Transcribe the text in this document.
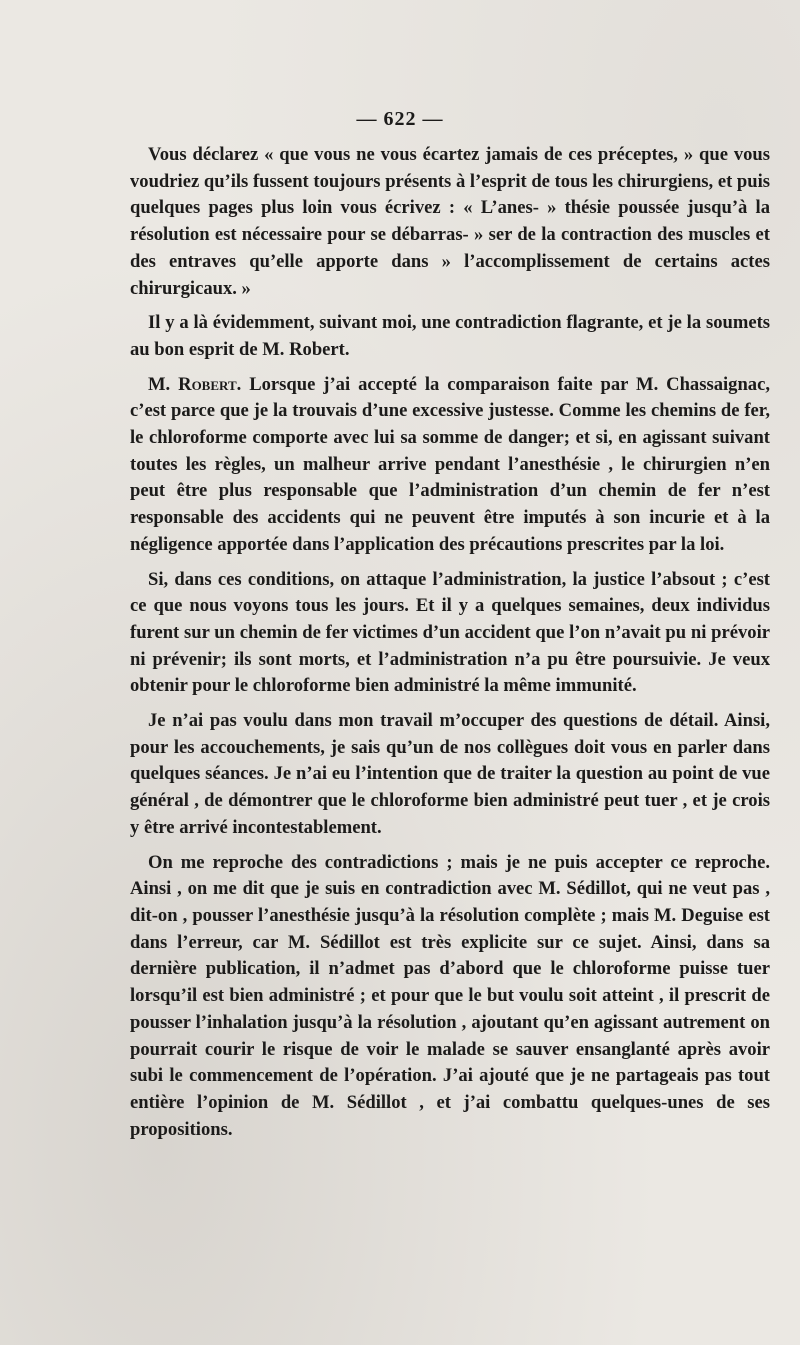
— 622 —

Vous déclarez « que vous ne vous écartez jamais de ces préceptes, » que vous voudriez qu’ils fussent toujours présents à l’esprit de tous les chirurgiens, et puis quelques pages plus loin vous écrivez : « L’anes- » thésie poussée jusqu’à la résolution est nécessaire pour se débarras- » ser de la contraction des muscles et des entraves qu’elle apporte dans » l’accomplissement de certains actes chirurgicaux. »

Il y a là évidemment, suivant moi, une contradiction flagrante, et je la soumets au bon esprit de M. Robert.

M. Robert. Lorsque j’ai accepté la comparaison faite par M. Chassaignac, c’est parce que je la trouvais d’une excessive justesse. Comme les chemins de fer, le chloroforme comporte avec lui sa somme de danger; et si, en agissant suivant toutes les règles, un malheur arrive pendant l’anesthésie , le chirurgien n’en peut être plus responsable que l’administration d’un chemin de fer n’est responsable des accidents qui ne peuvent être imputés à son incurie et à la négligence apportée dans l’application des précautions prescrites par la loi.

Si, dans ces conditions, on attaque l’administration, la justice l’absout ; c’est ce que nous voyons tous les jours. Et il y a quelques semaines, deux individus furent sur un chemin de fer victimes d’un accident que l’on n’avait pu ni prévoir ni prévenir; ils sont morts, et l’administration n’a pu être poursuivie. Je veux obtenir pour le chloroforme bien administré la même immunité.

Je n’ai pas voulu dans mon travail m’occuper des questions de détail. Ainsi, pour les accouchements, je sais qu’un de nos collègues doit vous en parler dans quelques séances. Je n’ai eu l’intention que de traiter la question au point de vue général , de démontrer que le chloroforme bien administré peut tuer , et je crois y être arrivé incontestablement.

On me reproche des contradictions ; mais je ne puis accepter ce reproche. Ainsi , on me dit que je suis en contradiction avec M. Sédillot, qui ne veut pas , dit-on , pousser l’anesthésie jusqu’à la résolution complète ; mais M. Deguise est dans l’erreur, car M. Sédillot est très explicite sur ce sujet. Ainsi, dans sa dernière publication, il n’admet pas d’abord que le chloroforme puisse tuer lorsqu’il est bien administré ; et pour que le but voulu soit atteint , il prescrit de pousser l’inhalation jusqu’à la résolution , ajoutant qu’en agissant autrement on pourrait courir le risque de voir le malade se sauver ensanglanté après avoir subi le commencement de l’opération. J’ai ajouté que je ne partageais pas tout entière l’opinion de M. Sédillot , et j’ai combattu quelques-unes de ses propositions.
